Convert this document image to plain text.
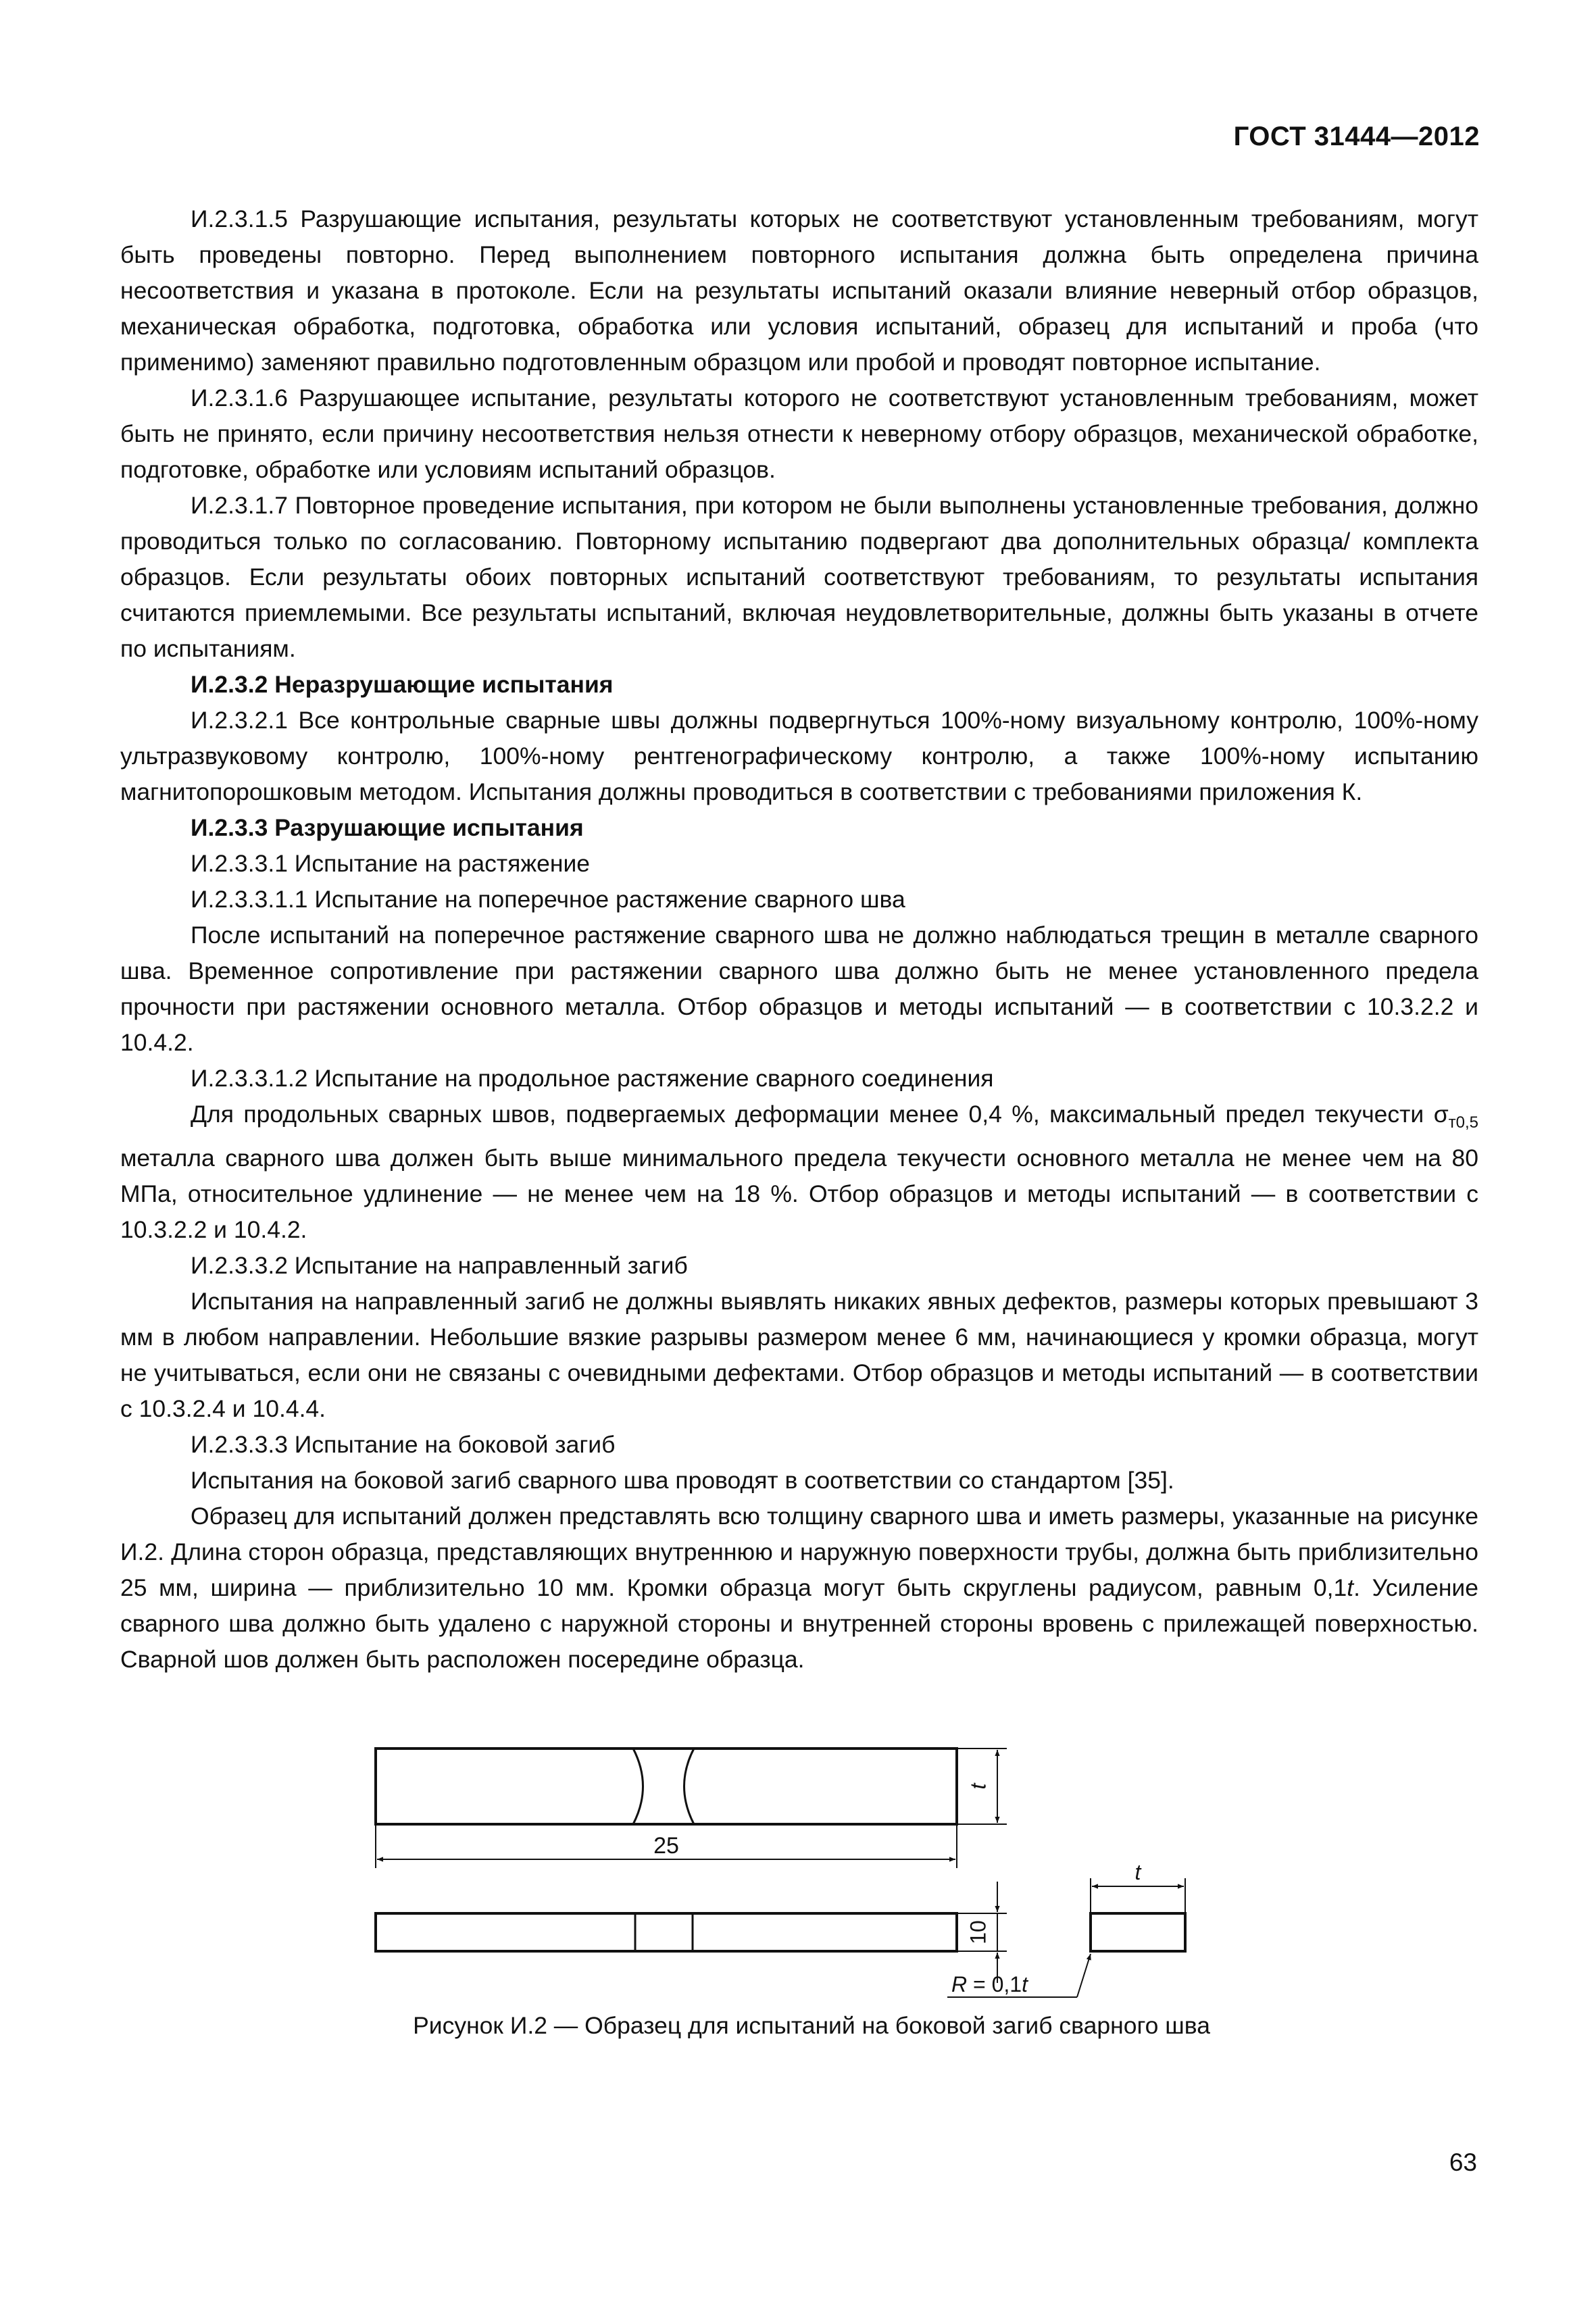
ГОСТ 31444—2012

И.2.3.1.5 Разрушающие испытания, результаты которых не соответствуют установленным требованиям, могут быть проведены повторно. Перед выполнением повторного испытания должна быть определена причина несоответствия и указана в протоколе. Если на результаты испытаний оказали влияние неверный отбор образцов, механическая обработка, подготовка, обработка или условия испытаний, образец для испытаний и проба (что применимо) заменяют правильно подготовленным образцом или пробой и проводят повторное испытание.

И.2.3.1.6 Разрушающее испытание, результаты которого не соответствуют установленным требованиям, может быть не принято, если причину несоответствия нельзя отнести к неверному отбору образцов, механической обработке, подготовке, обработке или условиям испытаний образцов.

И.2.3.1.7 Повторное проведение испытания, при котором не были выполнены установленные требования, должно проводиться только по согласованию. Повторному испытанию подвергают два дополнительных образца/ комплекта образцов. Если результаты обоих повторных испытаний соответствуют требованиям, то результаты испытания считаются приемлемыми. Все результаты испытаний, включая неудовлетворительные, должны быть указаны в отчете по испытаниям.

И.2.3.2 Неразрушающие испытания

И.2.3.2.1 Все контрольные сварные швы должны подвергнуться 100%-ному визуальному контролю, 100%-ному ультразвуковому контролю, 100%-ному рентгенографическому контролю, а также 100%-ному испытанию магнитопорошковым методом. Испытания должны проводиться в соответствии с требованиями приложения К.

И.2.3.3 Разрушающие испытания

И.2.3.3.1 Испытание на растяжение

И.2.3.3.1.1 Испытание на поперечное растяжение сварного шва

После испытаний на поперечное растяжение сварного шва не должно наблюдаться трещин в металле сварного шва. Временное сопротивление при растяжении сварного шва должно быть не менее установленного предела прочности при растяжении основного металла. Отбор образцов и методы испытаний — в соответствии с 10.3.2.2 и 10.4.2.

И.2.3.3.1.2 Испытание на продольное растяжение сварного соединения

Для продольных сварных швов, подвергаемых деформации менее 0,4 %, максимальный предел текучести $\sigma_{т0,5}$ металла сварного шва должен быть выше минимального предела текучести основного металла не менее чем на 80 МПа, относительное удлинение — не менее чем на 18 %. Отбор образцов и методы испытаний — в соответствии с 10.3.2.2 и 10.4.2.

И.2.3.3.2 Испытание на направленный загиб

Испытания на направленный загиб не должны выявлять никаких явных дефектов, размеры которых превышают 3 мм в любом направлении. Небольшие вязкие разрывы размером менее 6 мм, начинающиеся у кромки образца, могут не учитываться, если они не связаны с очевидными дефектами. Отбор образцов и методы испытаний — в соответствии с 10.3.2.4 и 10.4.4.

И.2.3.3.3 Испытание на боковой загиб

Испытания на боковой загиб сварного шва проводят в соответствии со стандартом [35].

Образец для испытаний должен представлять всю толщину сварного шва и иметь размеры, указанные на рисунке И.2. Длина сторон образца, представляющих внутреннюю и наружную поверхности трубы, должна быть приблизительно 25 мм, ширина — приблизительно 10 мм. Кромки образца могут быть скруглены радиусом, равным 0,1t. Усиление сварного шва должно быть удалено с наружной стороны и внутренней стороны вровень с прилежащей поверхностью. Сварной шов должен быть расположен посередине образца.

t
25
10
t
R = 0,1t
Рисунок И.2 — Образец для испытаний на боковой загиб сварного шва
63
